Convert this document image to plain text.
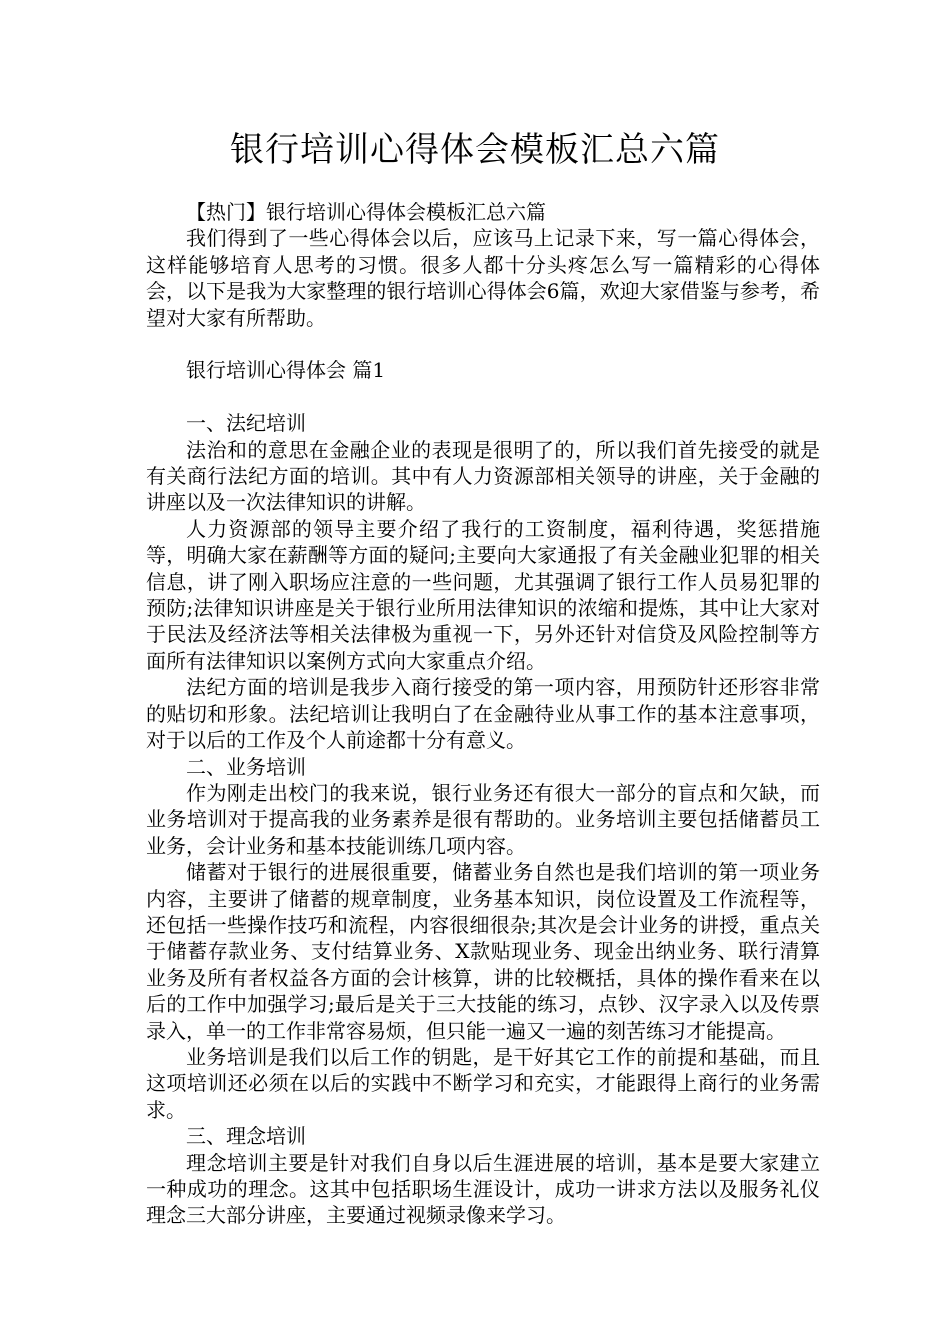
银行培训心得体会模板汇总六篇

【热门】银行培训心得体会模板汇总六篇

我们得到了一些心得体会以后，应该马上记录下来，写一篇心得体会，这样能够培育人思考的习惯。很多人都十分头疼怎么写一篇精彩的心得体会，以下是我为大家整理的银行培训心得体会6篇，欢迎大家借鉴与参考，希望对大家有所帮助。

银行培训心得体会 篇1

一、法纪培训

法治和的意思在金融企业的表现是很明了的，所以我们首先接受的就是有关商行法纪方面的培训。其中有人力资源部相关领导的讲座，关于金融的讲座以及一次法律知识的讲解。

人力资源部的领导主要介绍了我行的工资制度，福利待遇，奖惩措施等，明确大家在薪酬等方面的疑问;主要向大家通报了有关金融业犯罪的相关信息，讲了刚入职场应注意的一些问题，尤其强调了银行工作人员易犯罪的预防;法律知识讲座是关于银行业所用法律知识的浓缩和提炼，其中让大家对于民法及经济法等相关法律极为重视一下，另外还针对信贷及风险控制等方面所有法律知识以案例方式向大家重点介绍。

法纪方面的培训是我步入商行接受的第一项内容，用预防针还形容非常的贴切和形象。法纪培训让我明白了在金融待业从事工作的基本注意事项，对于以后的工作及个人前途都十分有意义。

二、业务培训

作为刚走出校门的我来说，银行业务还有很大一部分的盲点和欠缺，而业务培训对于提高我的业务素养是很有帮助的。业务培训主要包括储蓄员工业务，会计业务和基本技能训练几项内容。

储蓄对于银行的进展很重要，储蓄业务自然也是我们培训的第一项业务内容，主要讲了储蓄的规章制度，业务基本知识，岗位设置及工作流程等，还包括一些操作技巧和流程，内容很细很杂;其次是会计业务的讲授，重点关于储蓄存款业务、支付结算业务、X款贴现业务、现金出纳业务、联行清算业务及所有者权益各方面的会计核算，讲的比较概括，具体的操作看来在以后的工作中加强学习;最后是关于三大技能的练习，点钞、汉字录入以及传票录入，单一的工作非常容易烦，但只能一遍又一遍的刻苦练习才能提高。

业务培训是我们以后工作的钥匙，是干好其它工作的前提和基础，而且这项培训还必须在以后的实践中不断学习和充实，才能跟得上商行的业务需求。

三、理念培训

理念培训主要是针对我们自身以后生涯进展的培训，基本是要大家建立一种成功的理念。这其中包括职场生涯设计，成功一讲求方法以及服务礼仪理念三大部分讲座，主要通过视频录像来学习。
